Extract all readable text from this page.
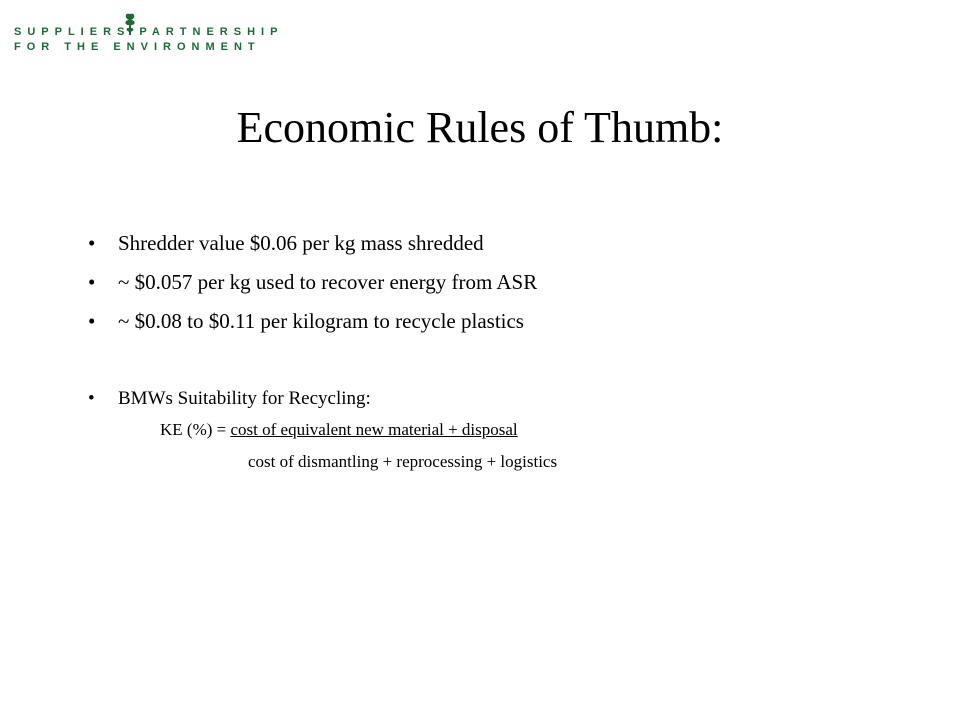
SUPPLIERS PARTNERSHIP
FOR THE ENVIRONMENT
Economic Rules of Thumb:
• Shredder value $0.06 per kg mass shredded
• ~ $0.057 per kg used to recover energy from ASR
• ~ $0.08 to $0.11 per kilogram to recycle plastics
• BMWs Suitability for Recycling:
KE (%) = cost of equivalent new material + disposal
cost of dismantling + reprocessing + logistics
